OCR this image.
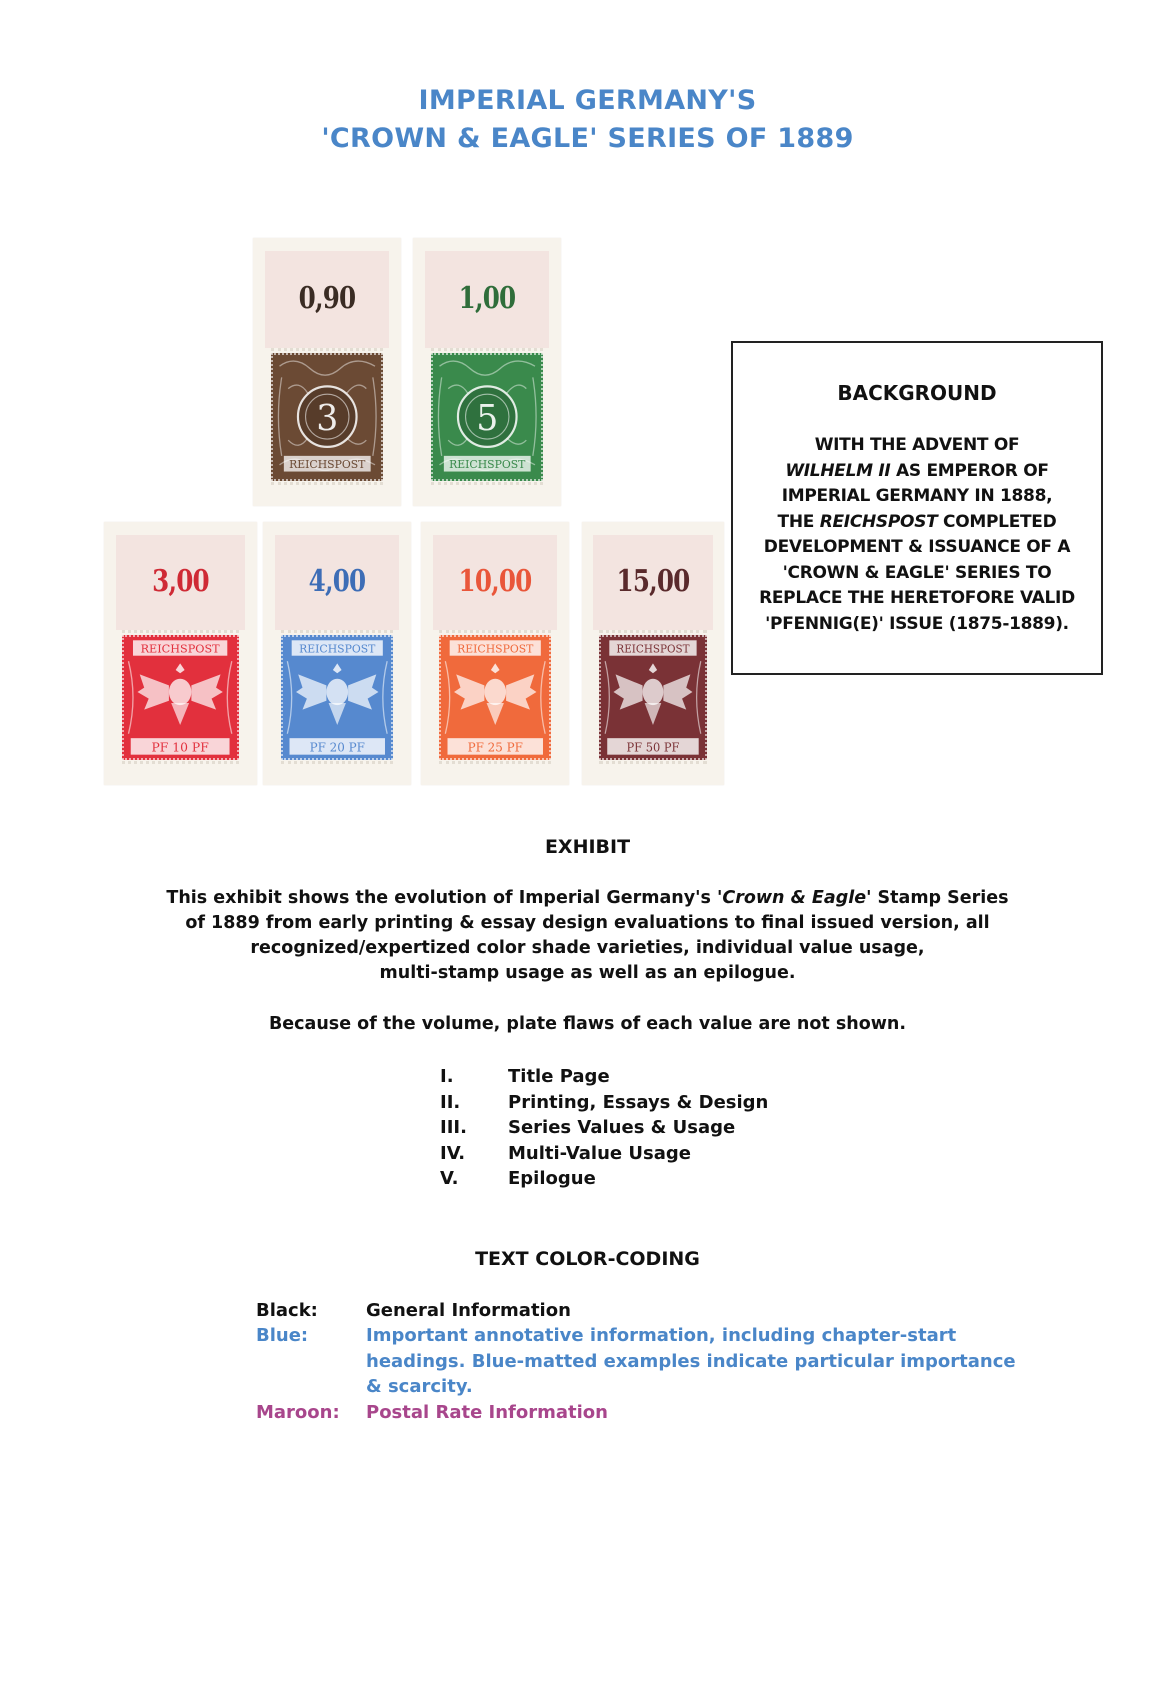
IMPERIAL GERMANY'S
'CROWN & EAGLE' SERIES OF 1889
0,90
3
REICHSPOST
1,00
5
REICHSPOST
3,00
REICHSPOST
PF 10 PF
4,00
REICHSPOST
PF 20 PF
10,00
REICHSPOST
PF 25 PF
15,00
REICHSPOST
PF 50 PF
BACKGROUND
WITH THE ADVENT OF
WILHELM II AS EMPEROR OF
IMPERIAL GERMANY IN 1888,
THE REICHSPOST COMPLETED
DEVELOPMENT & ISSUANCE OF A
'CROWN & EAGLE' SERIES TO
REPLACE THE HERETOFORE VALID
'PFENNIG(E)' ISSUE (1875-1889).
EXHIBIT
This exhibit shows the evolution of Imperial Germany's 'Crown & Eagle' Stamp Series
of 1889 from early printing & essay design evaluations to final issued version, all
recognized/expertized color shade varieties, individual value usage,
multi-stamp usage as well as an epilogue.
Because of the volume, plate flaws of each value are not shown.
I.	Title Page
II.	Printing, Essays & Design
III. Series Values & Usage
IV. Multi-Value Usage
V.	Epilogue
TEXT COLOR-CODING
Black:	General Information
Blue:	Important annotative information, including chapter-start
headings. Blue-matted examples indicate particular importance
& scarcity.
Maroon: Postal Rate Information
